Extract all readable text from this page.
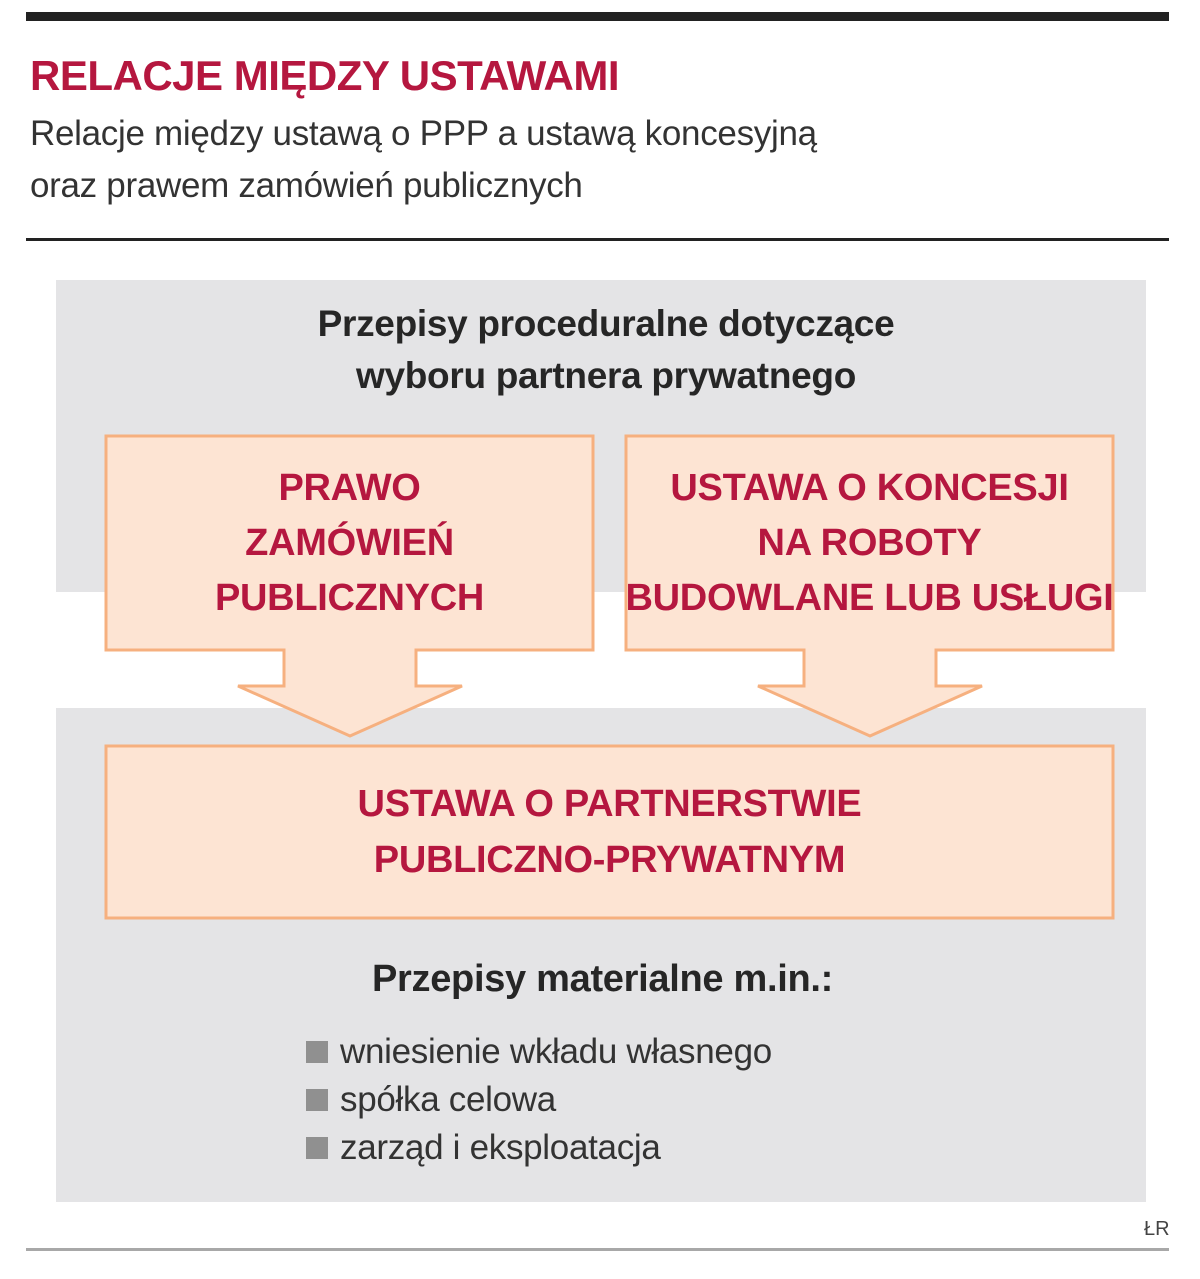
RELACJE MIĘDZY USTAWAMI
Relacje między ustawą o PPP a ustawą koncesyjną
oraz prawem zamówień publicznych
Przepisy proceduralne dotyczące
wyboru partnera prywatnego
PRAWO
ZAMÓWIEŃ
PUBLICZNYCH
USTAWA O KONCESJI
NA ROBOTY
BUDOWLANE LUB USŁUGI
USTAWA O PARTNERSTWIE
PUBLICZNO-PRYWATNYM
Przepisy materialne m.in.:
wniesienie wkładu własnego
spółka celowa
zarząd i eksploatacja
ŁR
